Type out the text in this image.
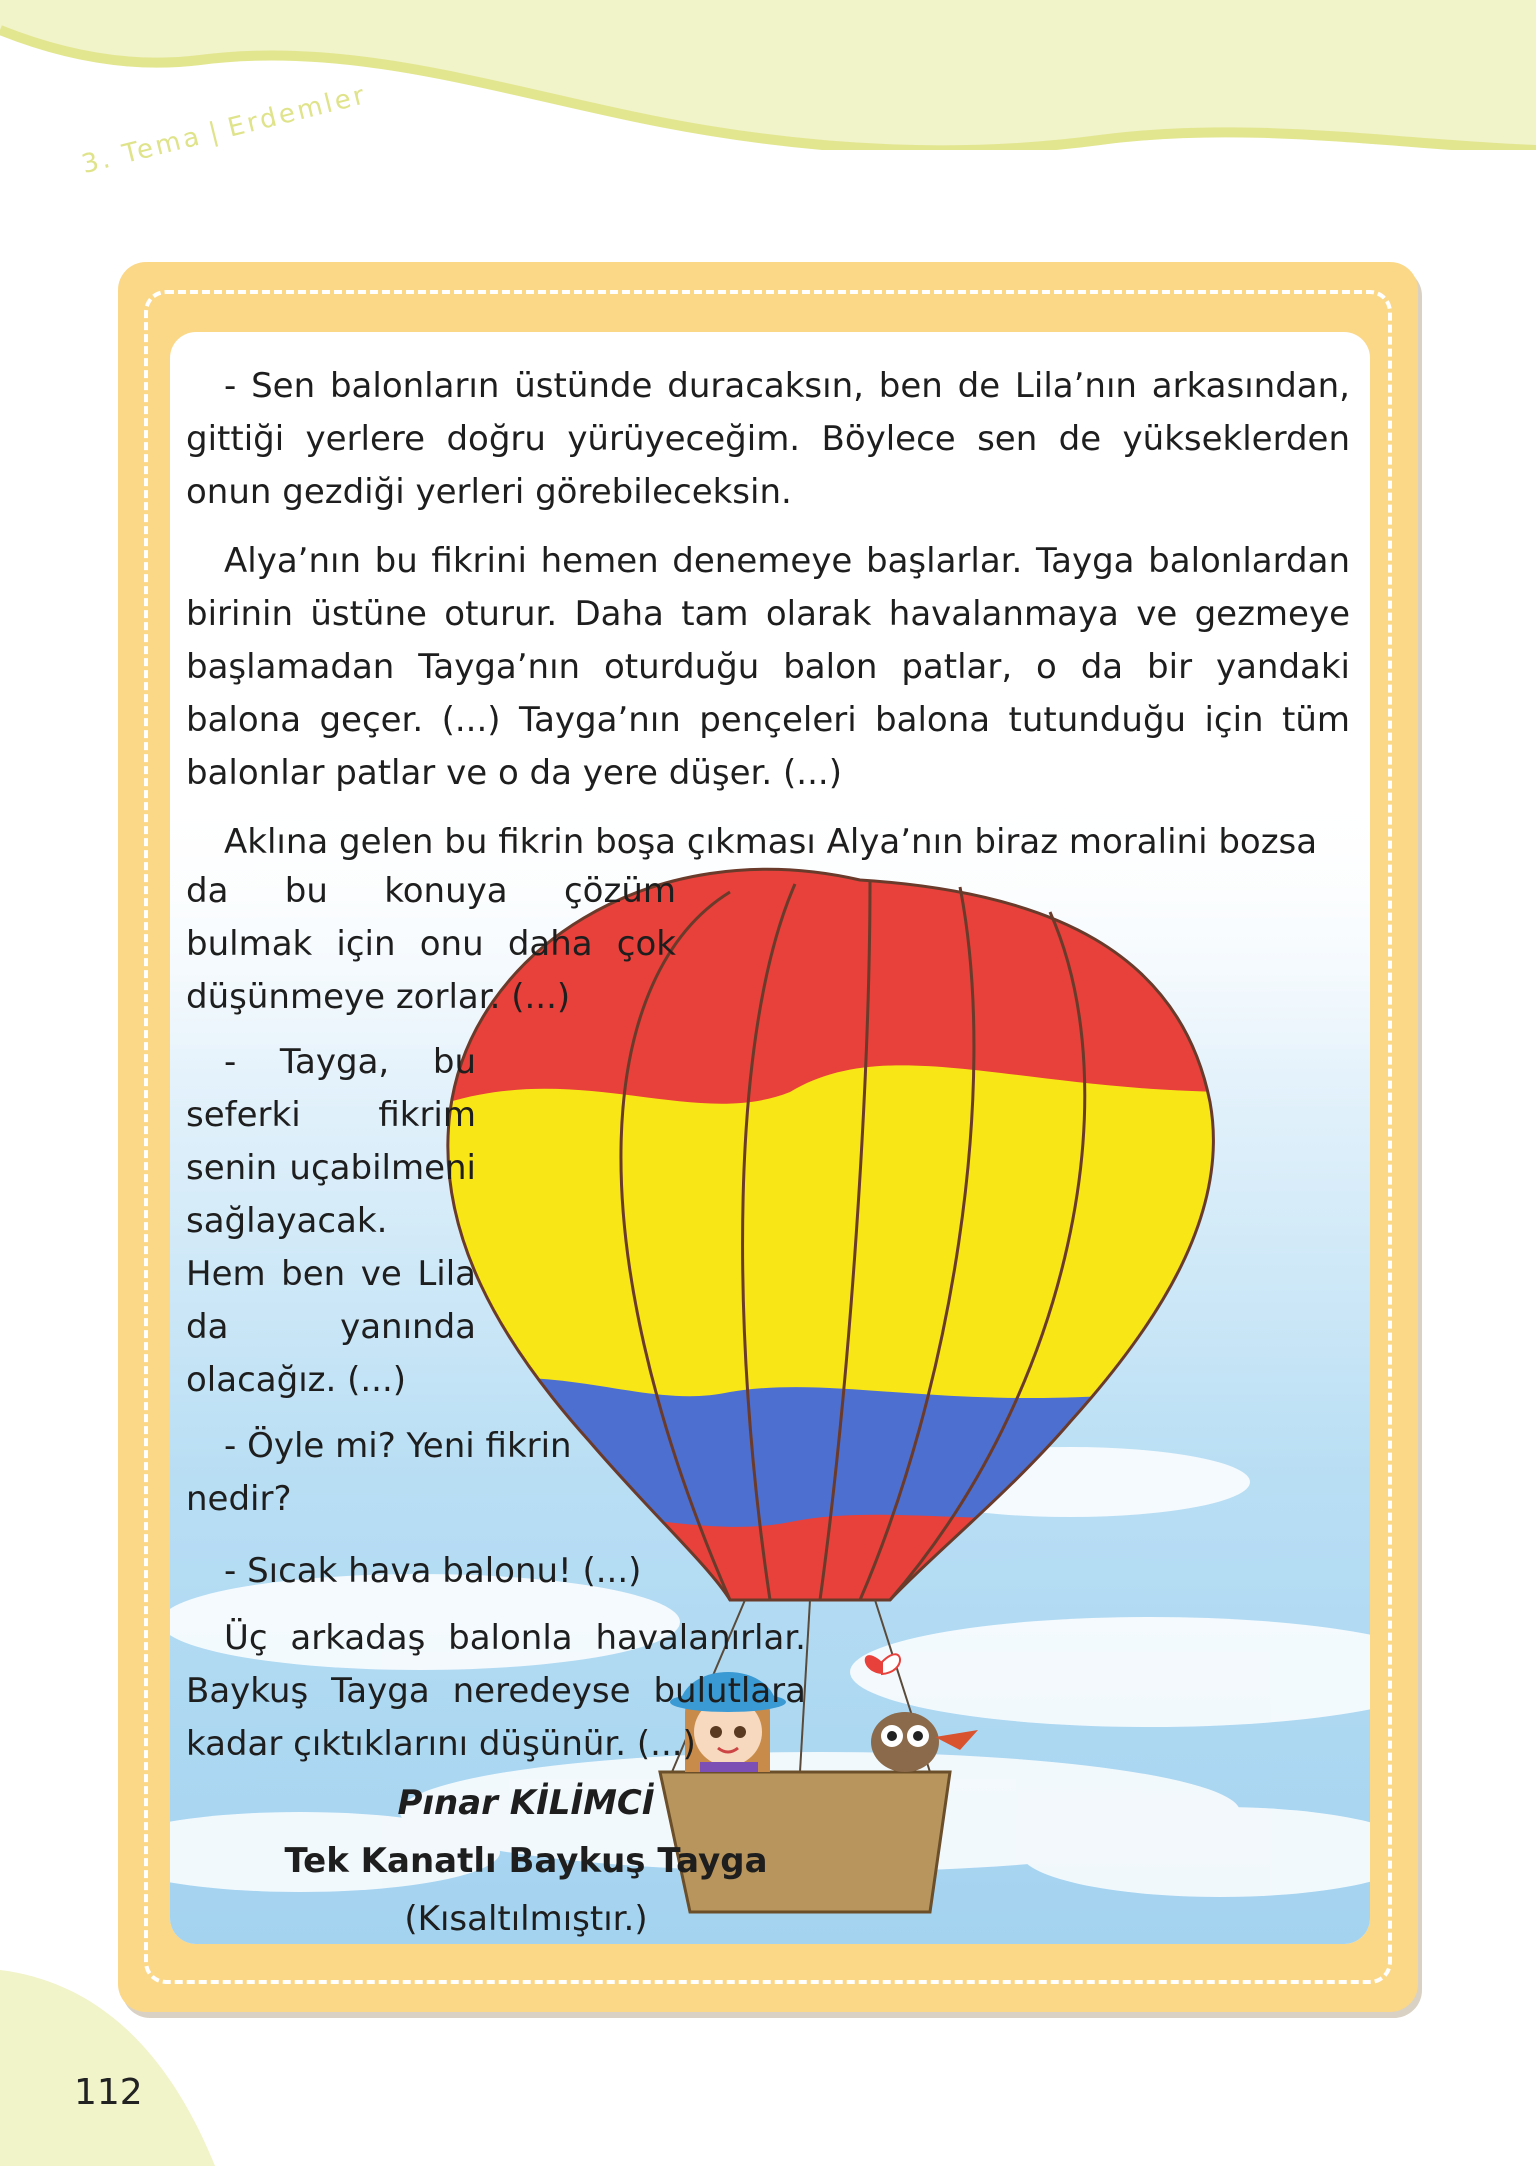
3. Tema|Erdemler

- Sen balonların üstünde duracaksın, ben de Lila’nın arkasından, gittiği yerlere doğru yürüyeceğim. Böylece sen de yükseklerden onun gezdiği yerleri görebileceksin.

Alya’nın bu fikrini hemen denemeye başlarlar. Tayga balonlardan birinin üstüne oturur. Daha tam olarak havalanmaya ve gezmeye başlamadan Tayga’nın oturduğu balon patlar, o da bir yandaki balona geçer. (...) Tayga’nın pençeleri balona tutunduğu için tüm balonlar patlar ve o da yere düşer. (...)

Aklına gelen bu fikrin boşa çıkması Alya’nın biraz moralini bozsa

da bu konuya çözüm bulmak için onu daha çok düşünmeye zorlar. (...)

- Tayga, bu seferki fikrim senin uçabilmeni sağlayacak. Hem ben ve Lila da yanında olacağız. (...)

- Öyle mi? Yeni fikrin nedir?

- Sıcak hava balonu! (...)

Üç arkadaş balonla havalanırlar. Baykuş Tayga neredeyse bulutlara kadar çıktıklarını düşünür. (...)

Pınar KİLİMCİ
Tek Kanatlı Baykuş Tayga
(Kısaltılmıştır.)
112
